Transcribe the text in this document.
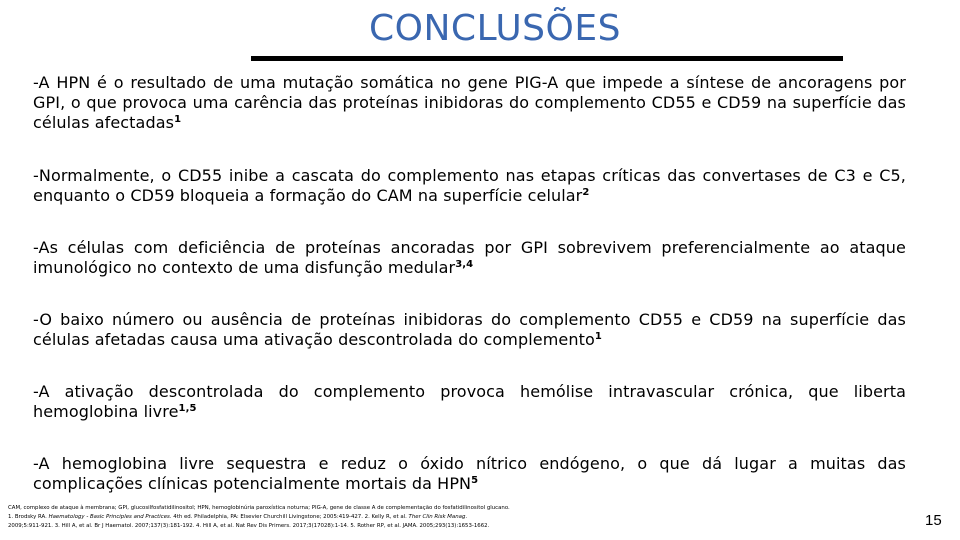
CONCLUSÕES
-A HPN é o resultado de uma mutação somática no gene PIG-A que impede a síntese de ancoragens por GPI, o que provoca uma carência das proteínas inibidoras do complemento CD55 e CD59 na superfície das células afectadas$^1$
-Normalmente, o CD55 inibe a cascata do complemento nas etapas críticas das convertases de C3 e C5, enquanto o CD59 bloqueia a formação do CAM na superfície celular$^2$
-As células com deficiência de proteínas ancoradas por GPI sobrevivem preferencialmente ao ataque imunológico no contexto de uma disfunção medular$^{3,4}$
-O baixo número ou ausência de proteínas inibidoras do complemento CD55 e CD59 na superfície das células afetadas causa uma ativação descontrolada do complemento$^1$
-A ativação descontrolada do complemento provoca hemólise intravascular crónica, que liberta hemoglobina livre$^{1,5}$
-A hemoglobina livre sequestra e reduz o óxido nítrico endógeno, o que dá lugar a muitas das complicações clínicas potencialmente mortais da HPN$^5$
CAM, complexo de ataque à membrana; GPI, glucosilfosfatidilinositol; HPN, hemoglobinúria paroxística noturna; PIG-A, gene de classe A de complementação do fosfatidilinositol glucano.
1. Brodsky RA. Haematology - Basic Principles and Practices. 4th ed. Philadelphia, PA: Elsevier Churchill Livingstone; 2005:419-427. 2. Kelly R, et al. Ther Clin Risk Manag.
2009;5:911-921. 3. Hill A, et al. Br J Haematol. 2007;137(3):181-192. 4. Hill A, et al. Nat Rev Dis Primers. 2017;3(17028):1-14. 5. Rother RP, et al. JAMA. 2005;293(13):1653-1662.	15
